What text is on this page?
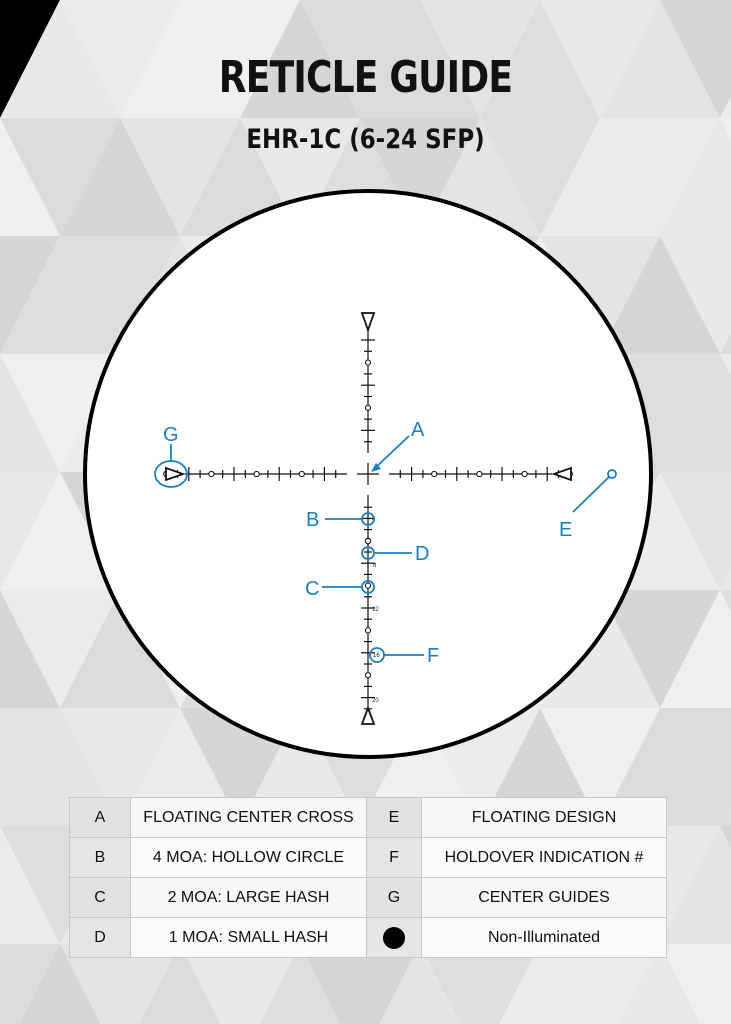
RETICLE GUIDE
EHR-1C (6-24 SFP)
4
8
12
16
20
A
B
C
D
E
F
G
A	FLOATING CENTER CROSS	E	FLOATING DESIGN
B	4 MOA: HOLLOW CIRCLE	F	HOLDOVER INDICATION #
C	2 MOA: LARGE HASH	G	CENTER GUIDES
D	1 MOA: SMALL HASH		Non-Illuminated
